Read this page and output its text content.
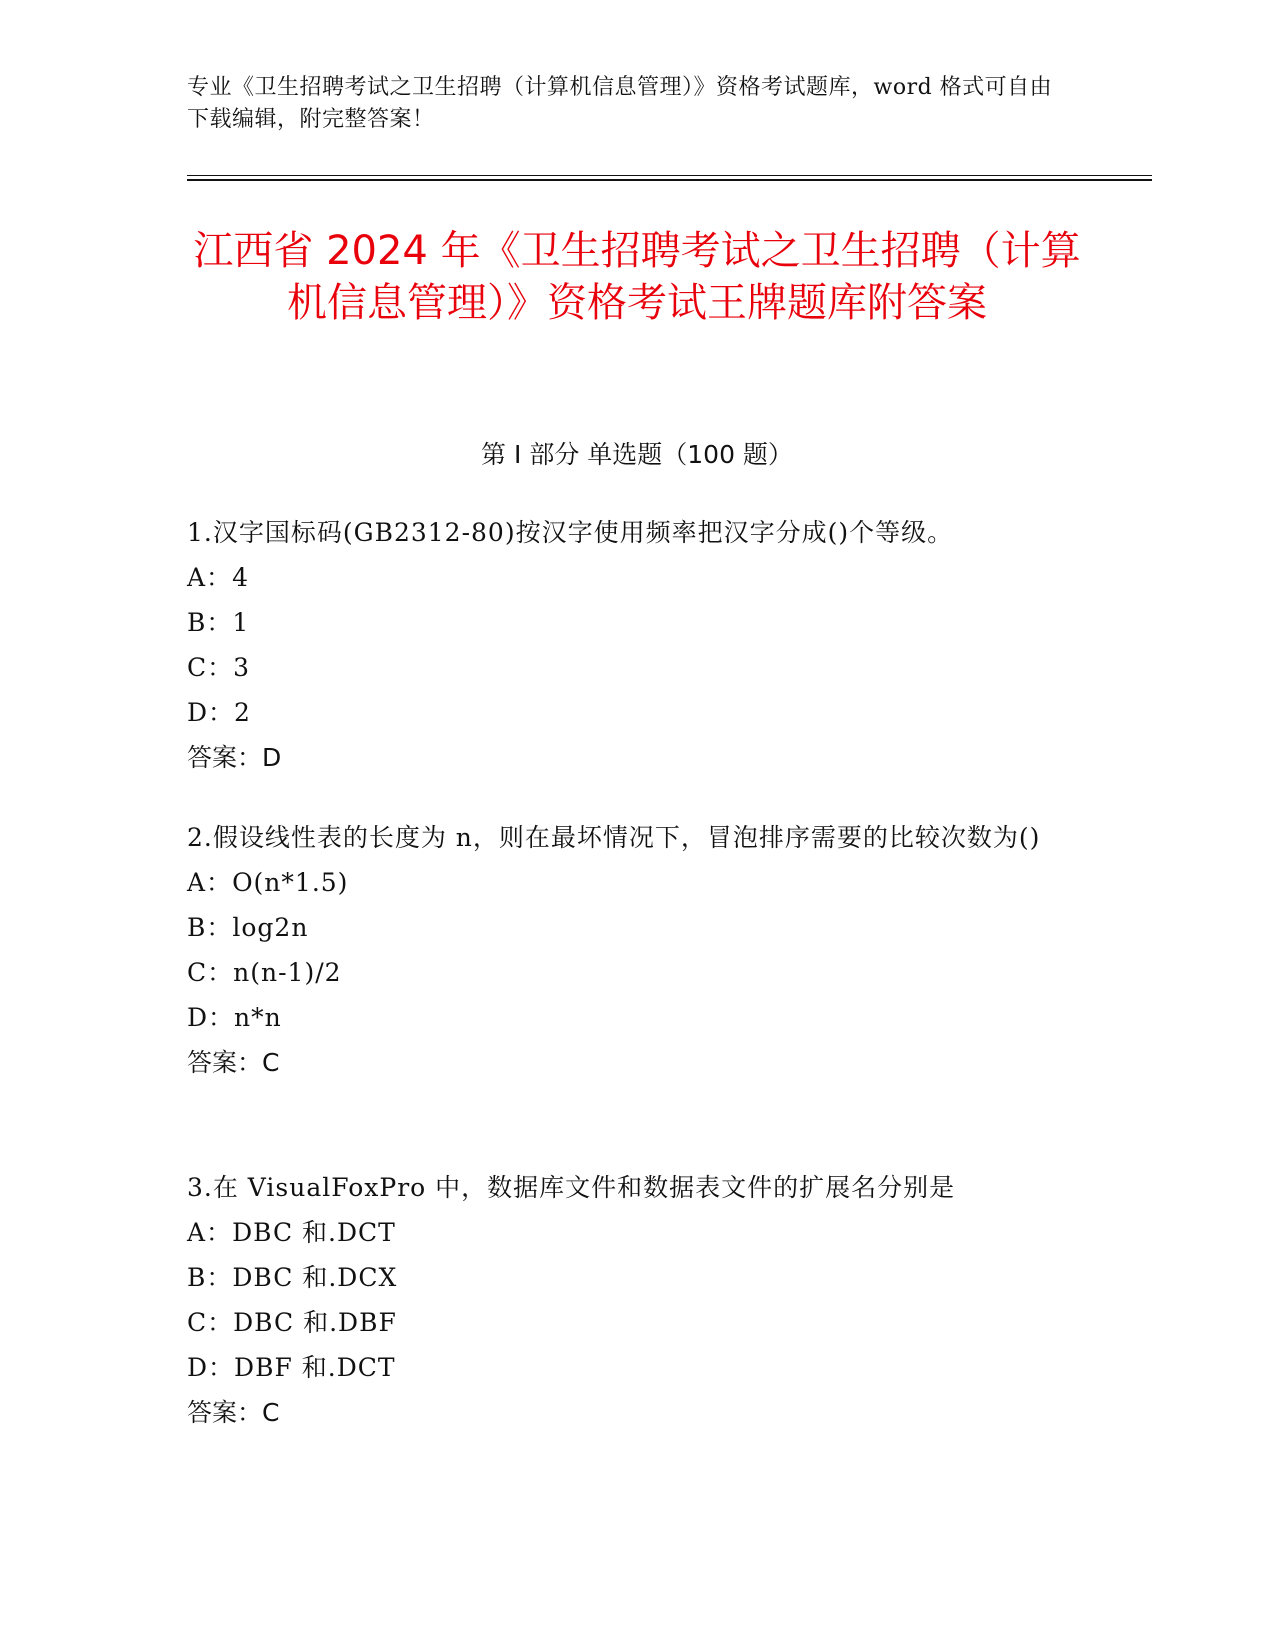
专业《卫生招聘考试之卫生招聘（计算机信息管理）》资格考试题库，word 格式可自由下载编辑，附完整答案！
江西省 2024 年《卫生招聘考试之卫生招聘（计算机信息管理）》资格考试王牌题库附答案
第 I 部分 单选题（100 题）
1.汉字国标码(GB2312-80)按汉字使用频率把汉字分成()个等级。
A：4
B：1
C：3
D：2
答案：D
2.假设线性表的长度为 n，则在最坏情况下，冒泡排序需要的比较次数为()
A：O(n*1.5)
B：log2n
C：n(n-1)/2
D：n*n
答案：C
3.在 VisualFoxPro 中，数据库文件和数据表文件的扩展名分别是
A：DBC 和.DCT
B：DBC 和.DCX
C：DBC 和.DBF
D：DBF 和.DCT
答案：C
